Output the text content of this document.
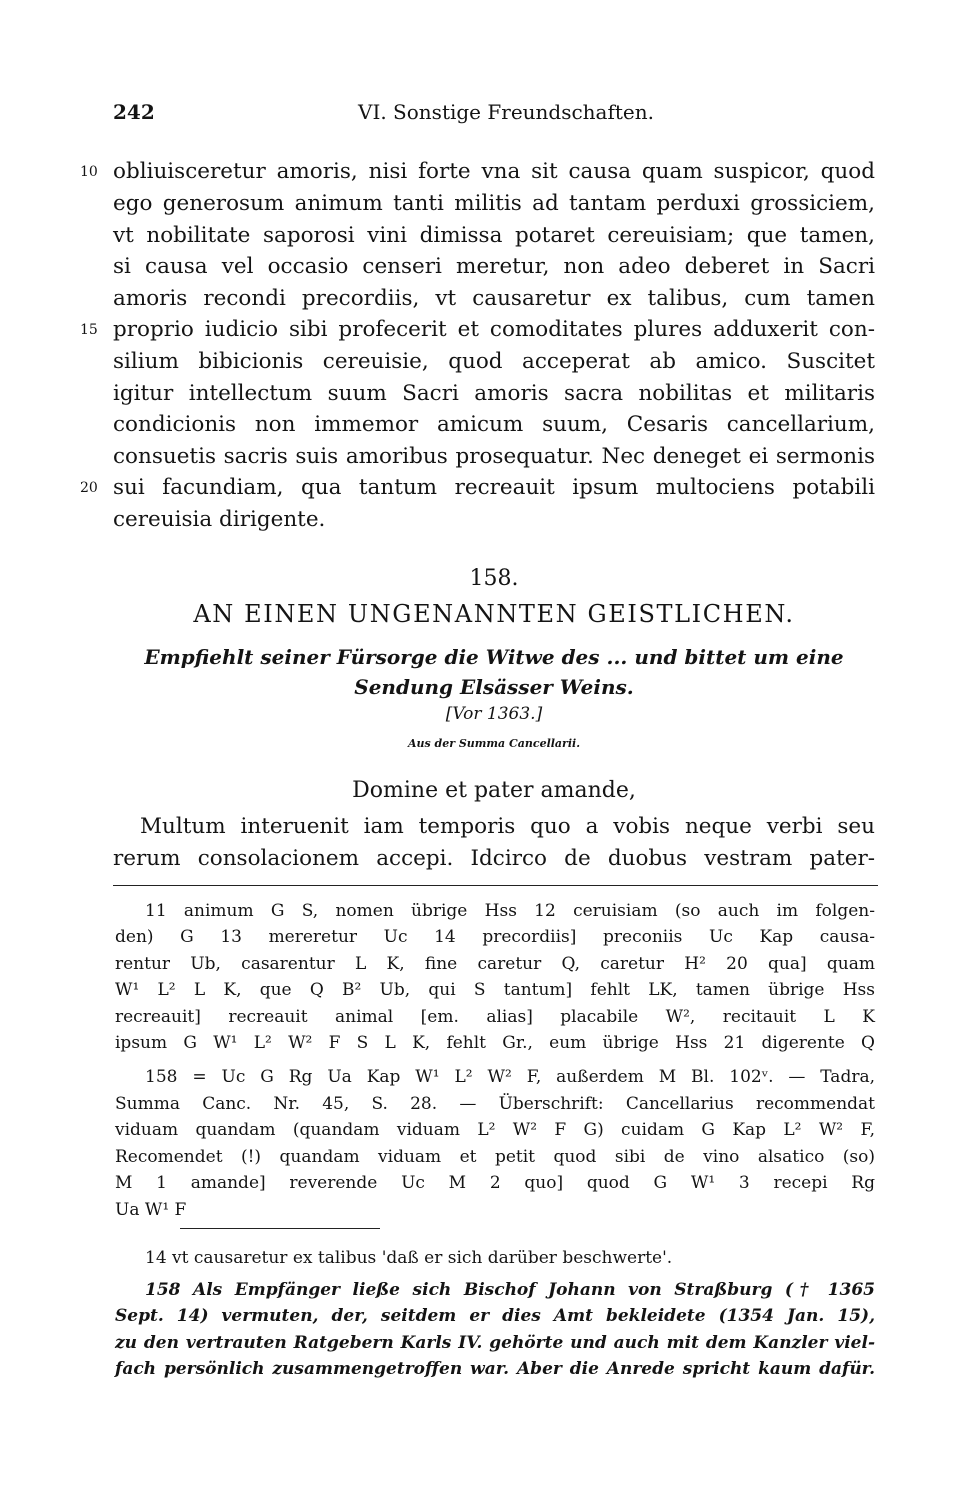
242	VI. Sonstige Freundschaften.
10
15
20
obliuisceretur amoris, nisi forte vna sit causa quam suspicor, quod
ego generosum animum tanti militis ad tantam perduxi grossiciem,
vt nobilitate saporosi vini dimissa potaret cereuisiam; que tamen,
si causa vel occasio censeri meretur, non adeo deberet in Sacri
amoris recondi precordiis, vt causaretur ex talibus, cum tamen
proprio iudicio sibi profecerit et comoditates plures adduxerit con-
silium bibicionis cereuisie, quod acceperat ab amico. Suscitet
igitur intellectum suum Sacri amoris sacra nobilitas et militaris
condicionis non immemor amicum suum, Cesaris cancellarium,
consuetis sacris suis amoribus prosequatur. Nec deneget ei sermonis
sui facundiam, qua tantum recreauit ipsum multociens potabili
cereuisia dirigente.
158.
AN EINEN UNGENANNTEN GEISTLICHEN.
Empfiehlt seiner Fürsorge die Witwe des ... und bittet um eine
Sendung Elsässer Weins.
[Vor 1363.]
Aus der Summa Cancellarii.
Domine et pater amande,
Multum interuenit iam temporis quo a vobis neque verbi seu
rerum consolacionem accepi. Idcirco de duobus vestram pater-
11 animum G S, nomen übrige Hss 12 ceruisiam (so auch im folgen-
den) G 13 mereretur Uc 14 precordiis] preconiis Uc Kap causa-
rentur Ub, casarentur L K, fine caretur Q, caretur H² 20 qua] quam
W¹ L² L K, que Q B² Ub, qui S tantum] fehlt LK, tamen übrige Hss
recreauit] recreauit animal [em. alias] placabile W², recitauit L K
ipsum G W¹ L² W² F S L K, fehlt Gr., eum übrige Hss 21 digerente Q
158 = Uc G Rg Ua Kap W¹ L² W² F, außerdem M Bl. 102ᵛ. — Tadra,
Summa Canc. Nr. 45, S. 28. — Überschrift: Cancellarius recommendat
viduam quandam (quandam viduam L² W² F G) cuidam G Kap L² W² F,
Recomendet (!) quandam viduam et petit quod sibi de vino alsatico (so)
M 1 amande] reverende Uc M 2 quo] quod G W¹ 3 recepi Rg
Ua W¹ F
14 vt causaretur ex talibus 'daß er sich darüber beschwerte'.
158 Als Empfänger ließe sich Bischof Johann von Straßburg († 1365
Sept. 14) vermuten, der, seitdem er dies Amt bekleidete (1354 Jan. 15),
zu den vertrauten Ratgebern Karls IV. gehörte und auch mit dem Kanzler viel-
fach persönlich zusammengetroffen war. Aber die Anrede spricht kaum dafür.
